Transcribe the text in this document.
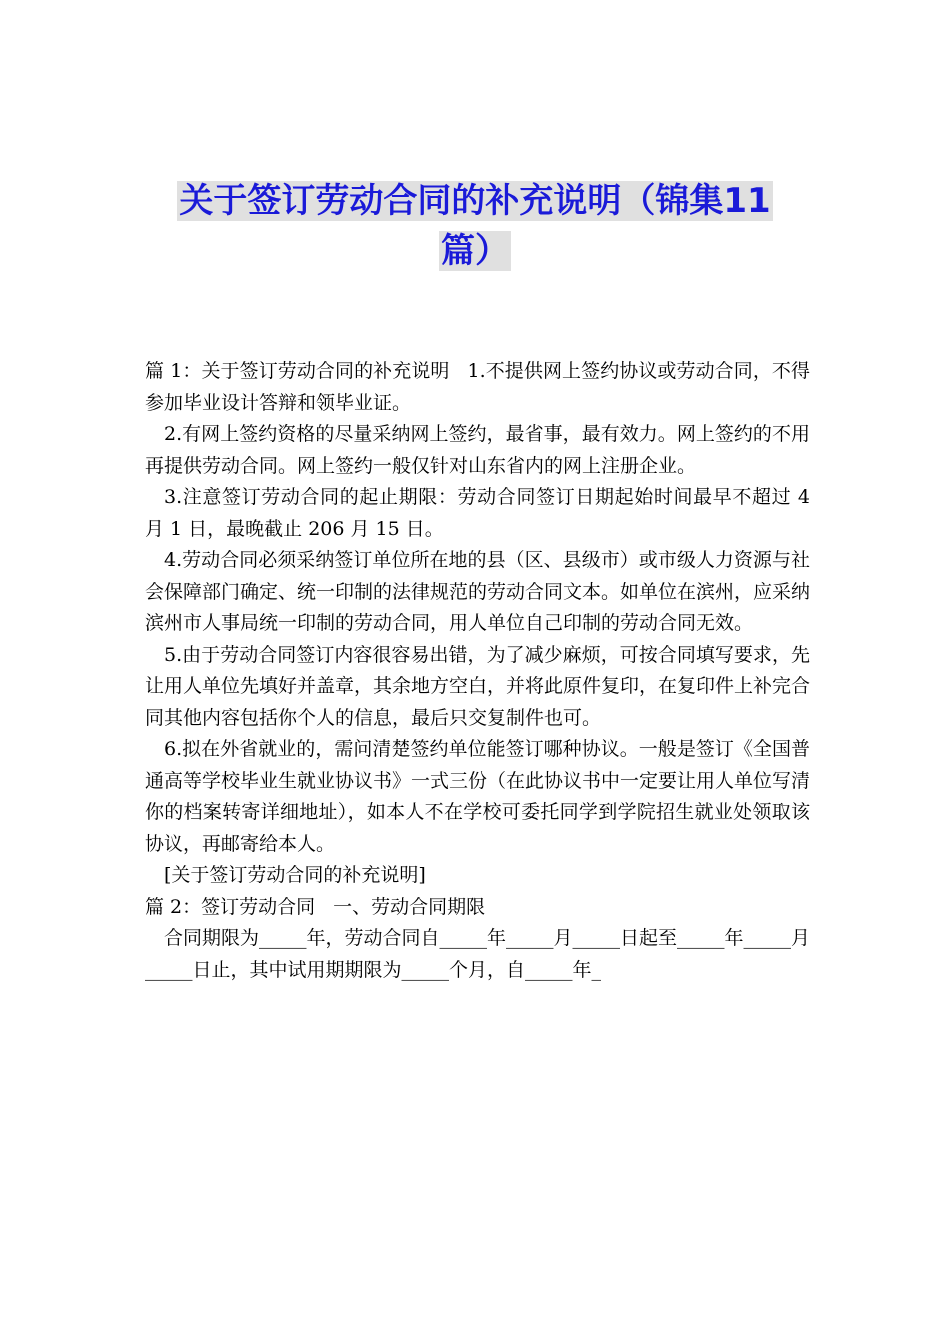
关于签订劳动合同的补充说明（锦集11
篇）

篇 1：关于签订劳动合同的补充说明 1.不提供网上签约协议或劳动合同，不得参加毕业设计答辩和领毕业证。

2.有网上签约资格的尽量采纳网上签约，最省事，最有效力。网上签约的不用再提供劳动合同。网上签约一般仅针对山东省内的网上注册企业。

3.注意签订劳动合同的起止期限：劳动合同签订日期起始时间最早不超过 4 月 1 日，最晚截止 206 月 15 日。

4.劳动合同必须采纳签订单位所在地的县（区、县级市）或市级人力资源与社会保障部门确定、统一印制的法律规范的劳动合同文本。如单位在滨州，应采纳滨州市人事局统一印制的劳动合同，用人单位自己印制的劳动合同无效。

5.由于劳动合同签订内容很容易出错，为了减少麻烦，可按合同填写要求，先让用人单位先填好并盖章，其余地方空白，并将此原件复印，在复印件上补完合同其他内容包括你个人的信息，最后只交复制件也可。

6.拟在外省就业的，需问清楚签约单位能签订哪种协议。一般是签订《全国普通高等学校毕业生就业协议书》一式三份（在此协议书中一定要让用人单位写清你的档案转寄详细地址），如本人不在学校可委托同学到学院招生就业处领取该协议，再邮寄给本人。

[关于签订劳动合同的补充说明]

篇 2：签订劳动合同 一、劳动合同期限

合同期限为_____年，劳动合同自_____年_____月_____日起至_____年_____月_____日止，其中试用期期限为_____个月，自_____年_
